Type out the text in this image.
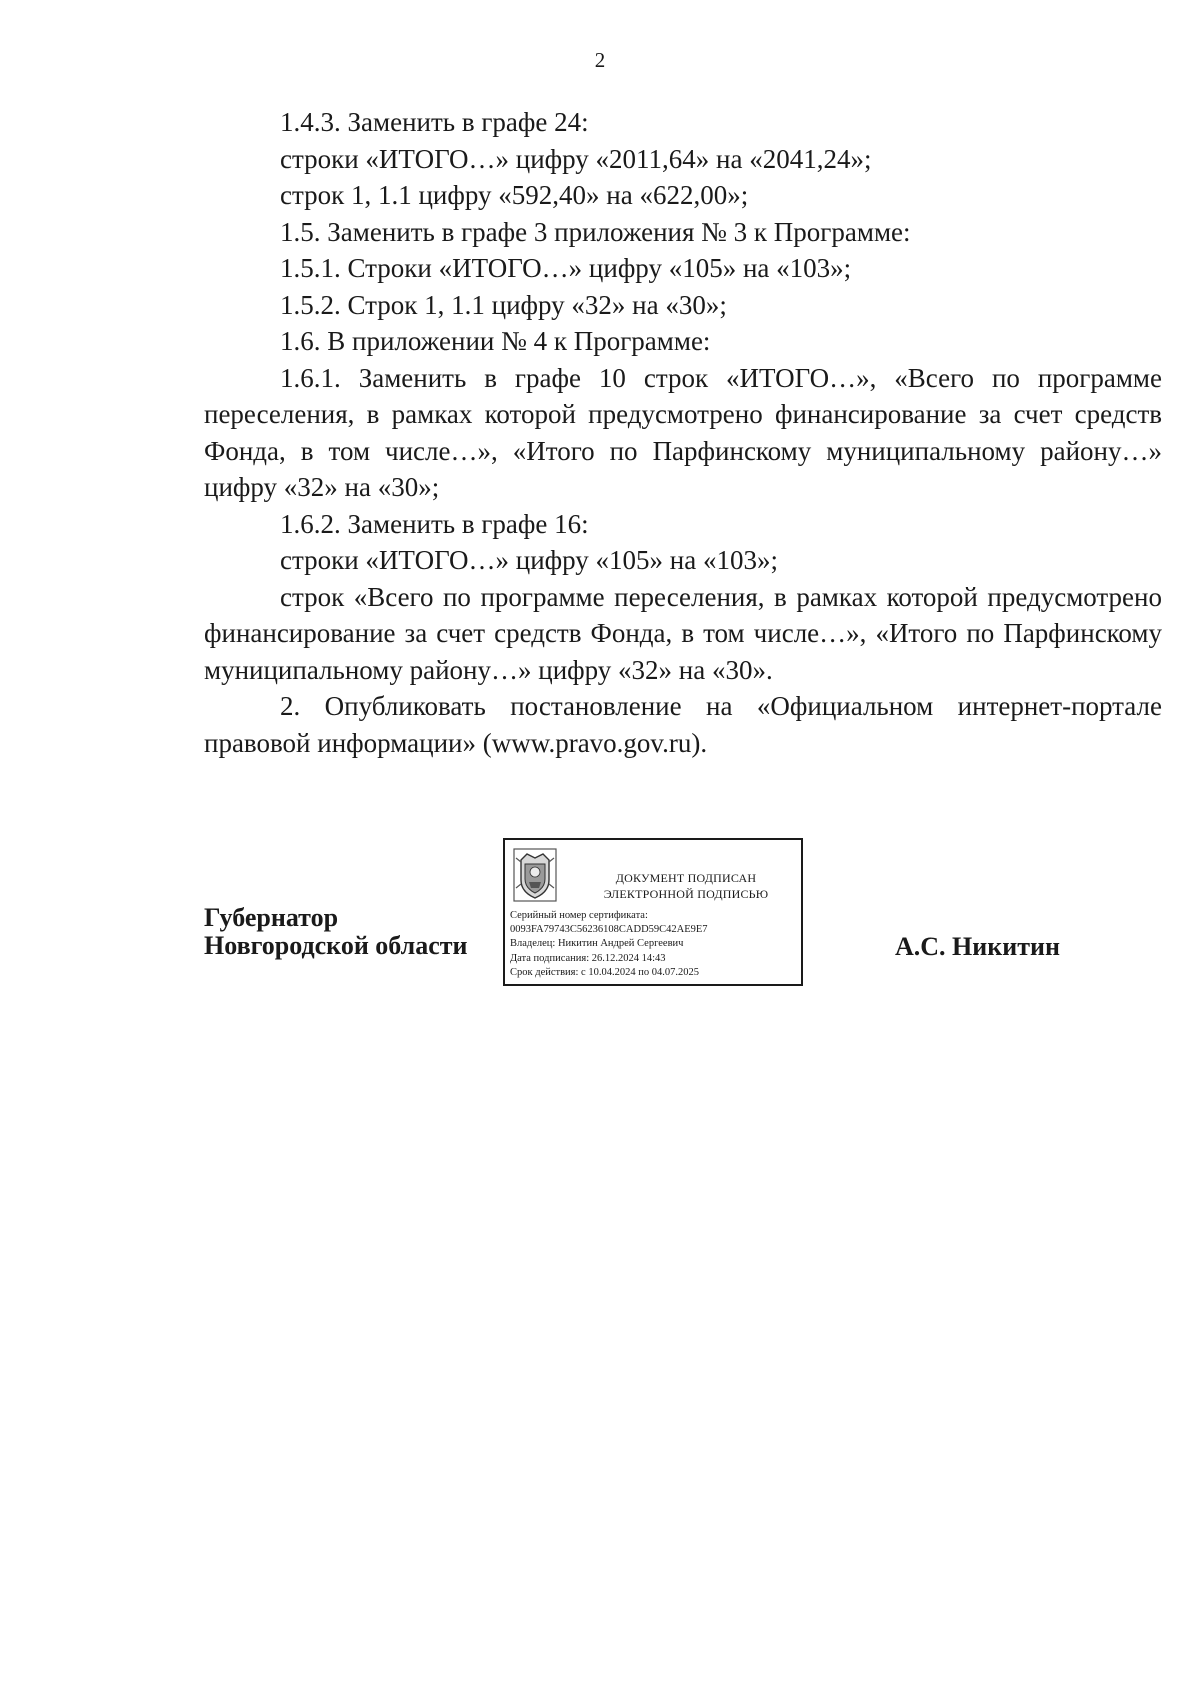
2

1.4.3. Заменить в графе 24:

строки «ИТОГО…» цифру «2011,64» на «2041,24»;

строк 1, 1.1 цифру «592,40» на «622,00»;

1.5. Заменить в графе 3 приложения № 3 к Программе:

1.5.1. Строки «ИТОГО…» цифру «105» на «103»;

1.5.2. Строк 1, 1.1 цифру «32» на «30»;

1.6. В приложении № 4 к Программе:

1.6.1. Заменить в графе 10 строк «ИТОГО…», «Всего по программе переселения, в рамках которой предусмотрено финансирование за счет средств Фонда, в том числе…», «Итого по Парфинскому муниципальному району…» цифру «32» на «30»;

1.6.2. Заменить в графе 16:

строки «ИТОГО…» цифру «105» на «103»;

строк «Всего по программе переселения, в рамках которой предусмотрено финансирование за счет средств Фонда, в том числе…», «Итого по Парфинскому муниципальному району…» цифру «32» на «30».

2. Опубликовать постановление на «Официальном интернет-портале правовой информации» (www.pravo.gov.ru).

Губернатор
Новгородской области
ДОКУМЕНТ ПОДПИСАН
ЭЛЕКТРОННОЙ ПОДПИСЬЮ
Серийный номер сертификата:
0093FA79743C56236108CADD59C42AE9E7
Владелец: Никитин Андрей Сергеевич
Дата подписания: 26.12.2024 14:43
Срок действия: с 10.04.2024 по 04.07.2025
А.С. Никитин
